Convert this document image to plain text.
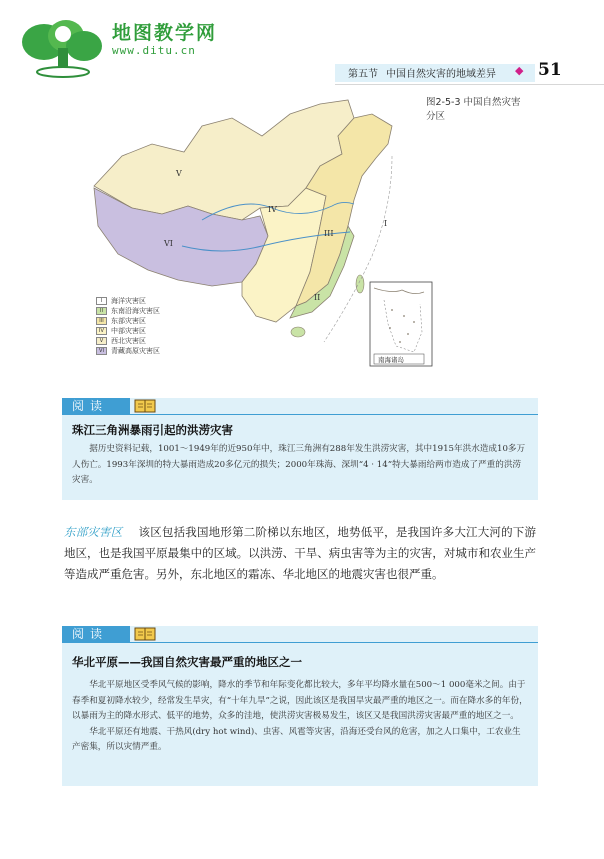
地图教学网
www.ditu.cn
第五节 中国自然灾害的地域差异 ◆ 51
图2-5-3 中国自然灾害
分区
V
VI
IV
III
II
I
南海诸岛
I	海洋灾害区
II	东南沿海灾害区
III	东部灾害区
IV	中部灾害区
V	西北灾害区
VI	青藏高原灾害区
阅读
珠江三角洲暴雨引起的洪涝灾害

据历史资料记载，1001～1949年的近950年中，珠江三角洲有288年发生洪涝灾害，其中1915年洪水造成10多万人伤亡。1993年深圳的特大暴雨造成20多亿元的损失；2000年珠海、深圳“4 · 14”特大暴雨给两市造成了严重的洪涝灾害。

东部灾害区 该区包括我国地形第二阶梯以东地区，地势低平，是我国许多大江大河的下游地区，也是我国平原最集中的区域。以洪涝、干旱、病虫害等为主的灾害，对城市和农业生产等造成严重危害。另外，东北地区的霜冻、华北地区的地震灾害也很严重。
阅读
华北平原——我国自然灾害最严重的地区之一

华北平原地区受季风气候的影响，降水的季节和年际变化都比较大，多年平均降水量在500～1 000毫米之间。由于春季和夏初降水较少，经常发生旱灾，有“十年九旱”之说，因此该区是我国旱灾最严重的地区之一。而在降水多的年份，以暴雨为主的降水形式、低平的地势，众多的洼地，使洪涝灾害极易发生，该区又是我国洪涝灾害最严重的地区之一。

华北平原还有地震、干热风(dry hot wind)、虫害、风雹等灾害，沿海还受台风的危害，加之人口集中，工农业生产密集，所以灾情严重。
